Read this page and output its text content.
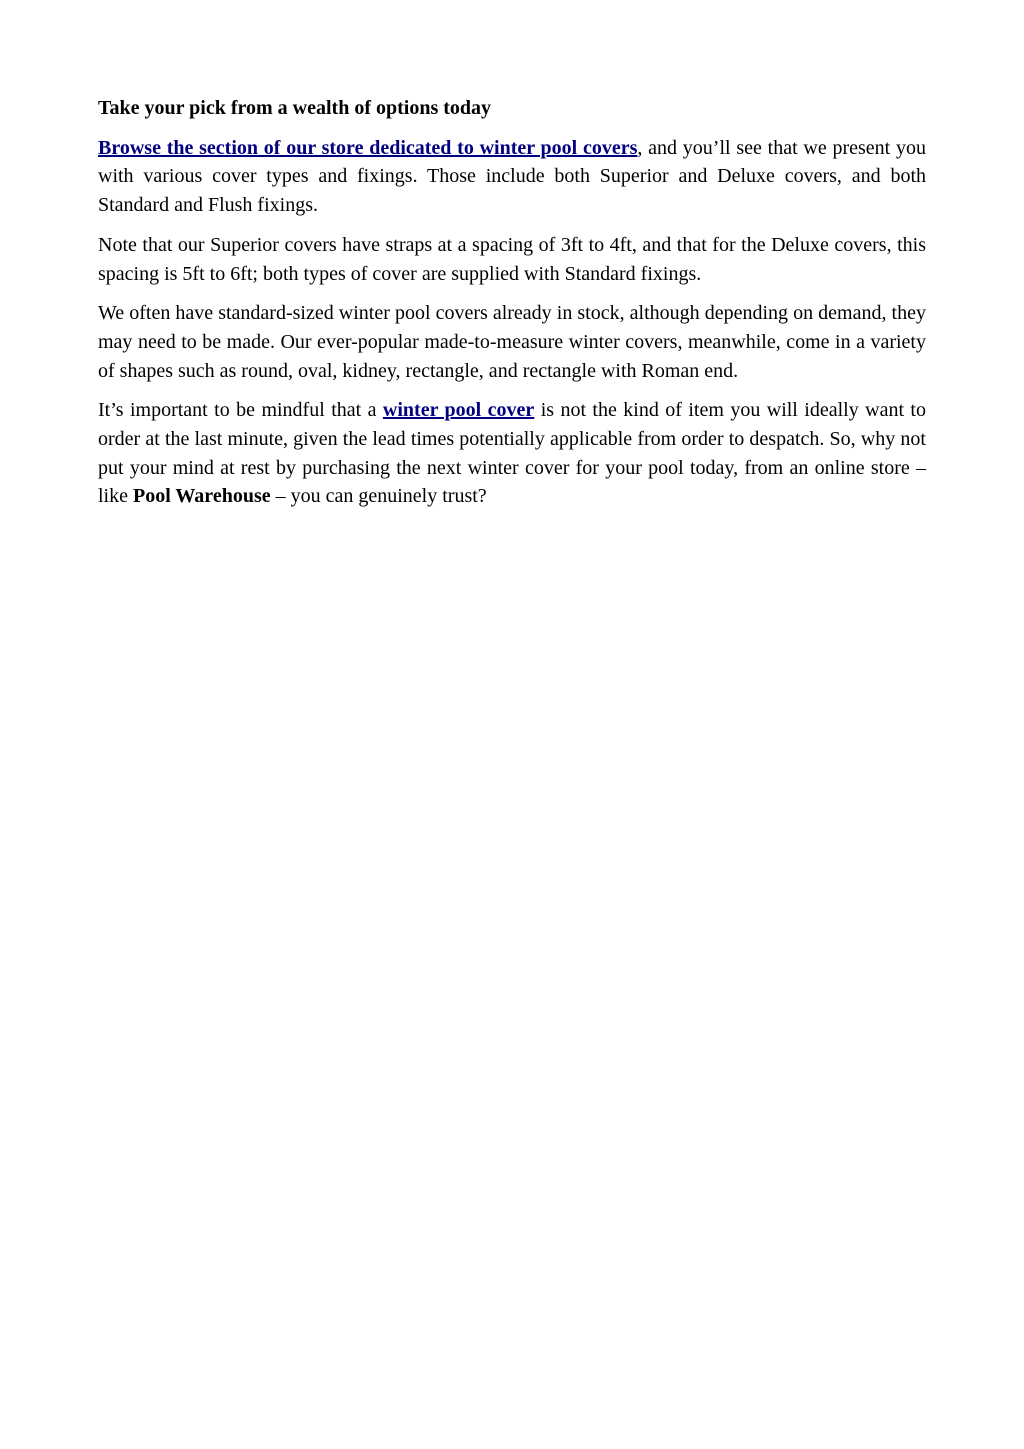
Take your pick from a wealth of options today

Browse the section of our store dedicated to winter pool covers, and you’ll see that we present you with various cover types and fixings. Those include both Superior and Deluxe covers, and both Standard and Flush fixings.

Note that our Superior covers have straps at a spacing of 3ft to 4ft, and that for the Deluxe covers, this spacing is 5ft to 6ft; both types of cover are supplied with Standard fixings.

We often have standard-sized winter pool covers already in stock, although depending on demand, they may need to be made. Our ever-popular made-to-measure winter covers, meanwhile, come in a variety of shapes such as round, oval, kidney, rectangle, and rectangle with Roman end.

It’s important to be mindful that a winter pool cover is not the kind of item you will ideally want to order at the last minute, given the lead times potentially applicable from order to despatch. So, why not put your mind at rest by purchasing the next winter cover for your pool today, from an online store – like Pool Warehouse – you can genuinely trust?
